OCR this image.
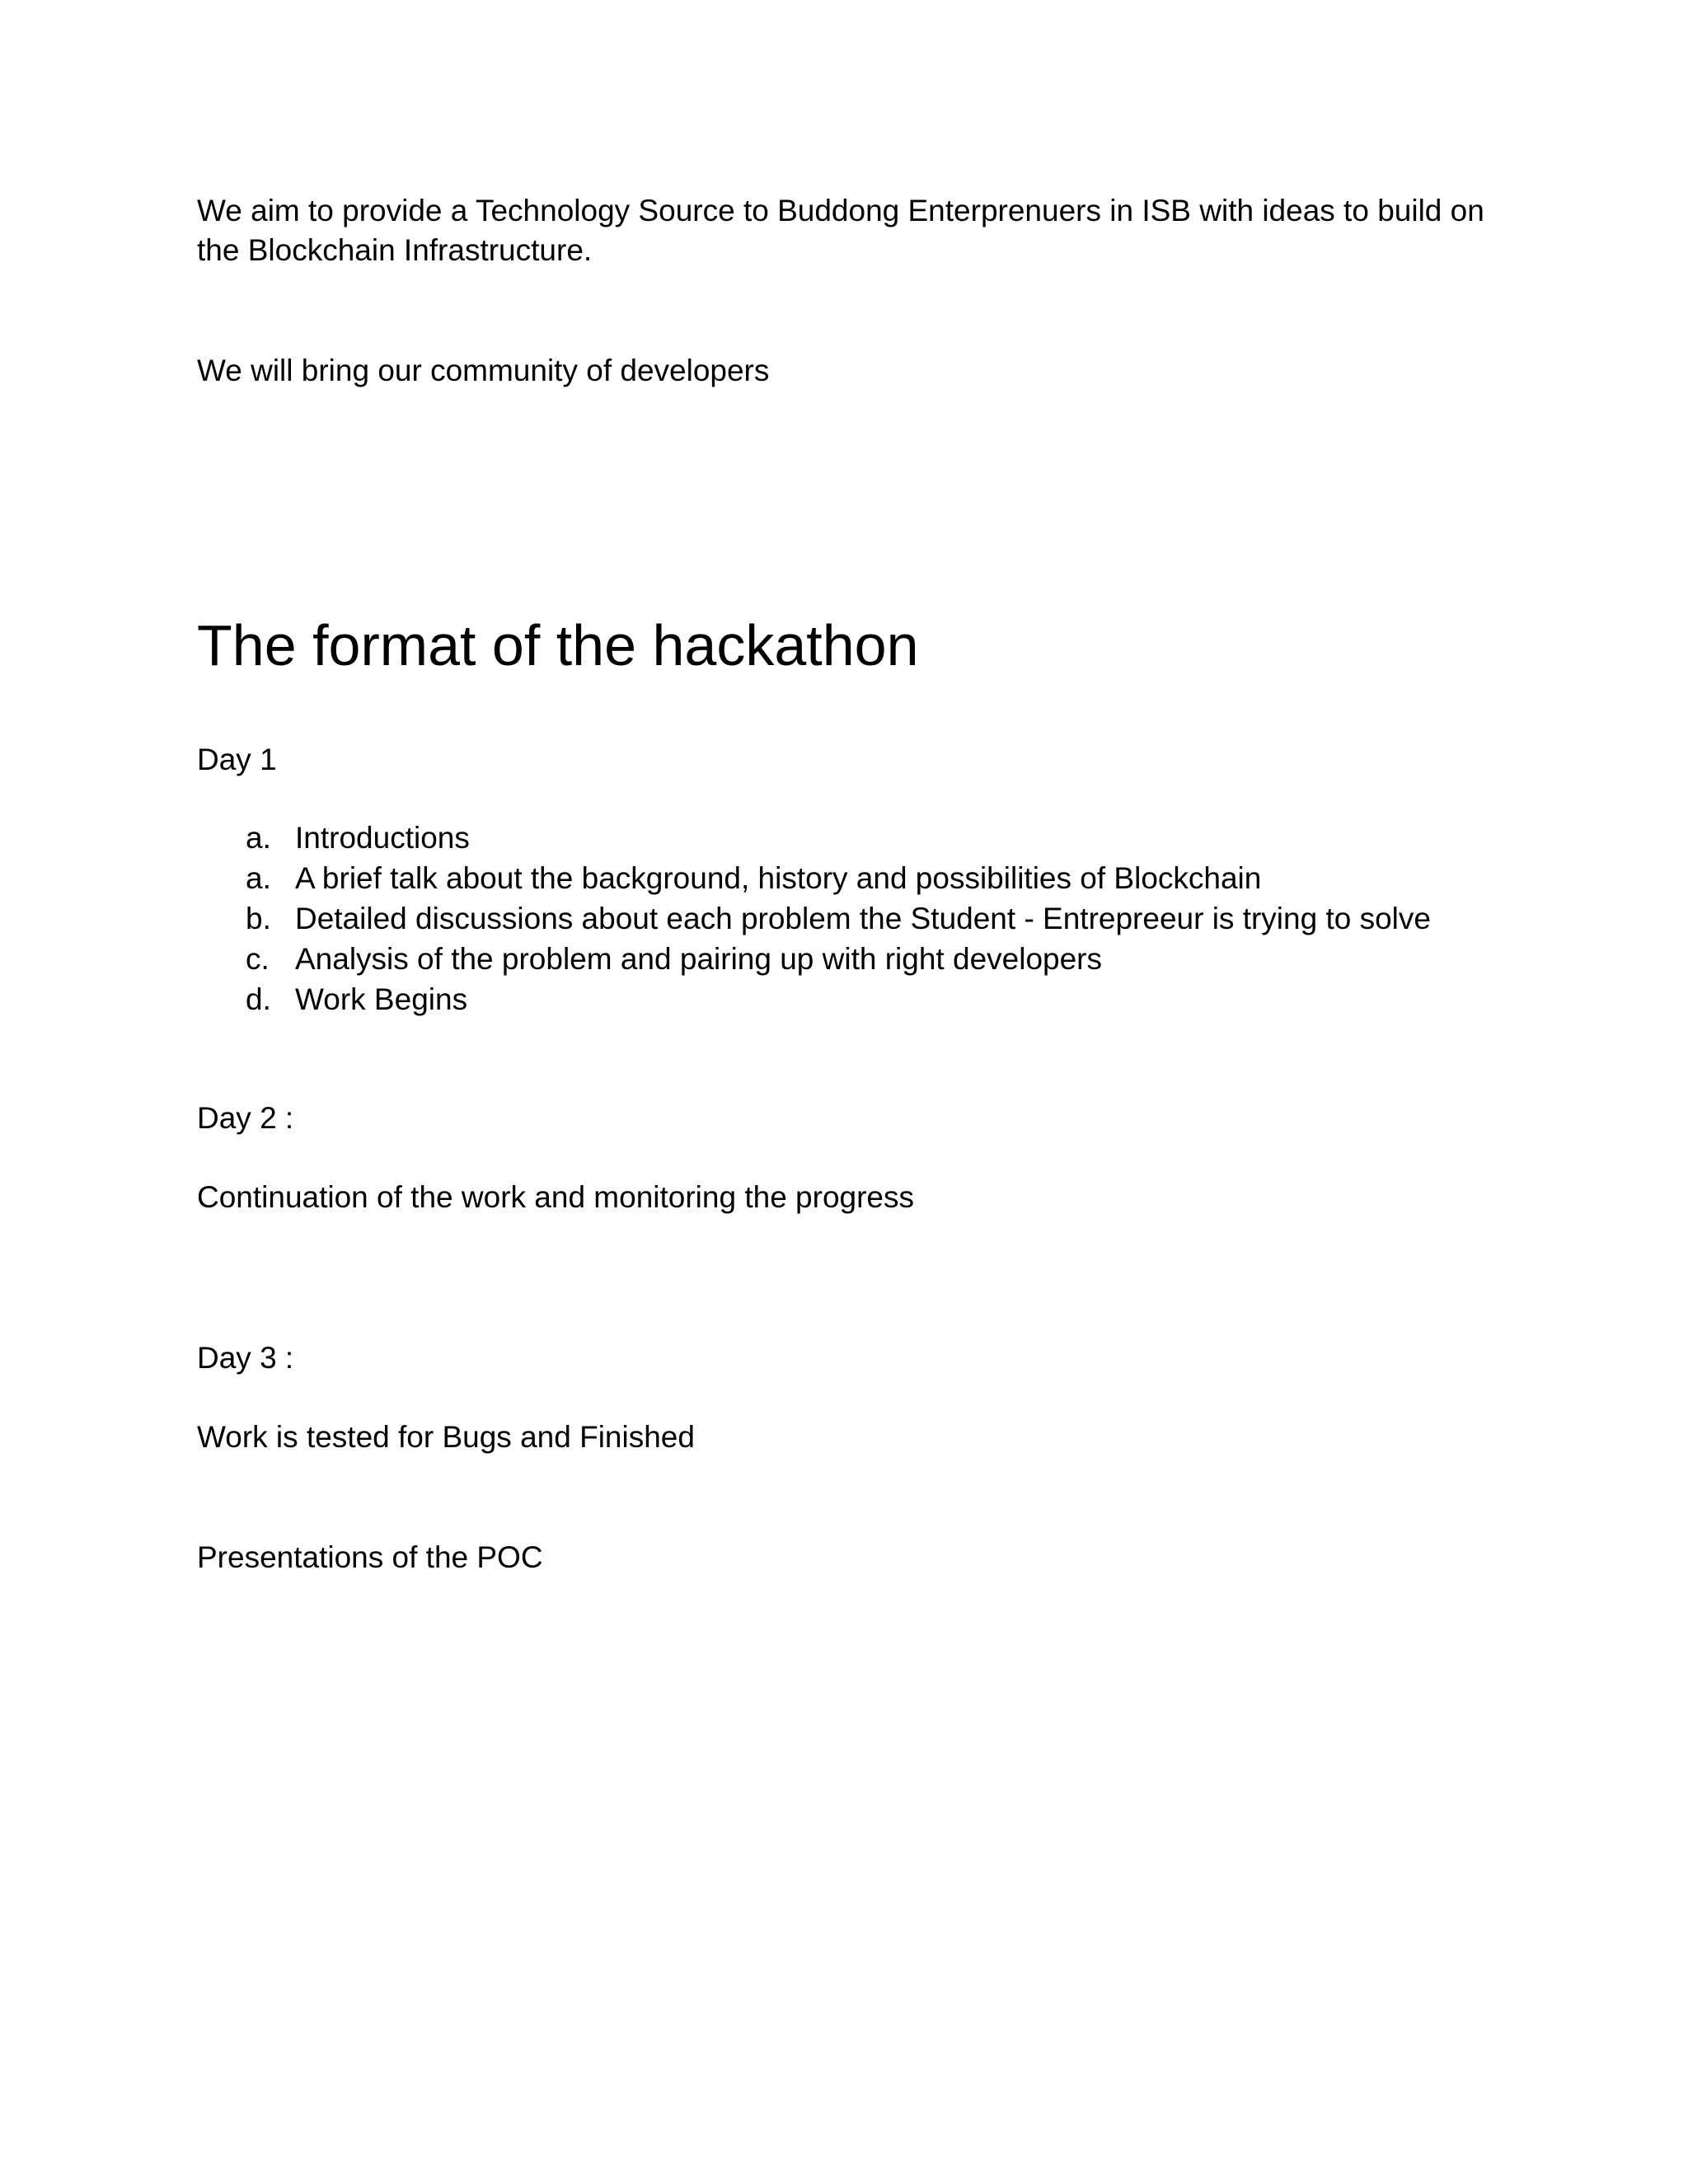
We aim to provide a Technology Source to Buddong Enterprenuers in ISB with ideas to build on

the Blockchain Infrastructure.

We will bring our community of developers

The format of the hackathon

Day 1

a. Introductions
a. A brief talk about the background, history and possibilities of Blockchain
b. Detailed discussions about each problem the Student - Entrepreeur is trying to solve
c. Analysis of the problem and pairing up with right developers
d. Work Begins

Day 2 :

Continuation of the work and monitoring the progress

Day 3 :

Work is tested for Bugs and Finished

Presentations of the POC
